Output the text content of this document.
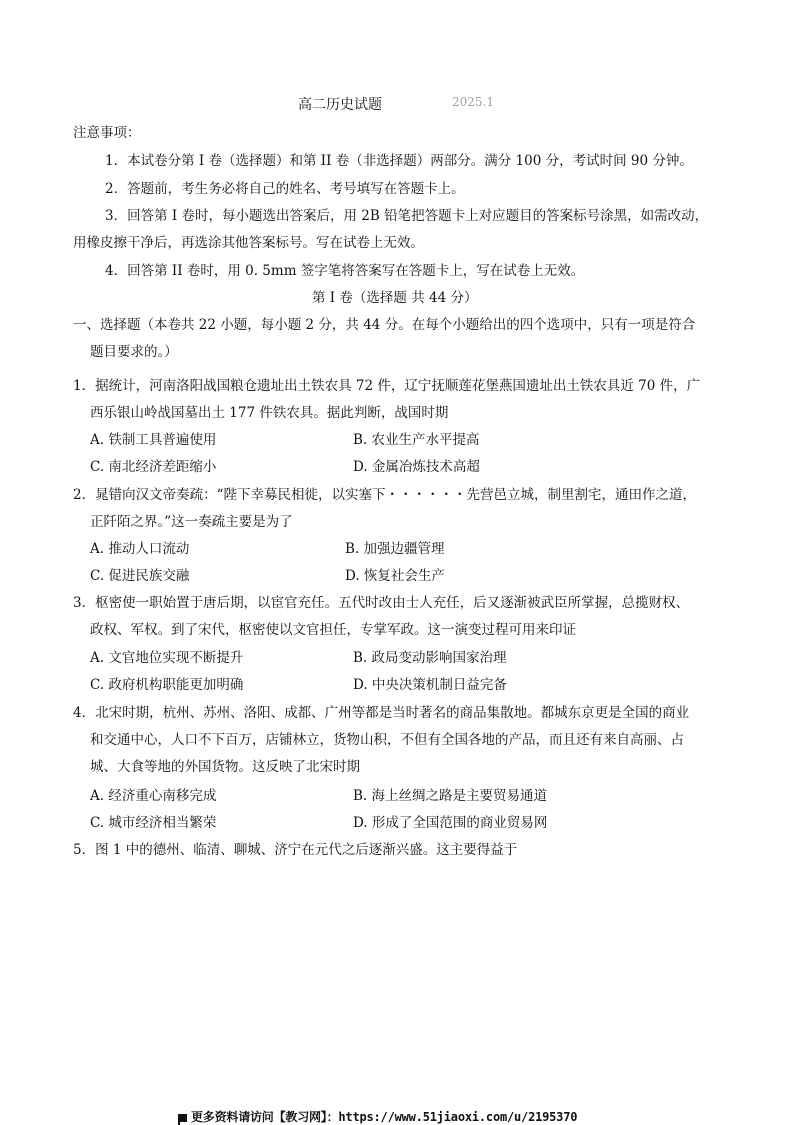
高二历史试题	2025.1
注意事项：
1．本试卷分第 I 卷（选择题）和第 II 卷（非选择题）两部分。满分 100 分，考试时间 90 分钟。
2．答题前，考生务必将自己的姓名、考号填写在答题卡上。
3．回答第 I 卷时，每小题选出答案后，用 2B 铅笔把答题卡上对应题目的答案标号涂黑，如需改动，
用橡皮擦干净后，再选涂其他答案标号。写在试卷上无效。
4．回答第 II 卷时，用 0. 5mm 签字笔将答案写在答题卡上，写在试卷上无效。
第 I 卷（选择题 共 44 分）
一、选择题（本卷共 22 小题，每小题 2 分，共 44 分。在每个小题给出的四个选项中，只有一项是符合
题目要求的。）
1．据统计，河南洛阳战国粮仓遗址出土铁农具 72 件，辽宁抚顺莲花堡燕国遗址出土铁农具近 70 件，广
西乐银山岭战国墓出土 177 件铁农具。据此判断，战国时期
A. 铁制工具普遍使用	B. 农业生产水平提高
C. 南北经济差距缩小	D. 金属冶炼技术高超
2．晁错向汉文帝奏疏：“陛下幸募民相徙，以实塞下・・・・・・先营邑立城，制里割宅，通田作之道，
正阡陌之界。”这一奏疏主要是为了
A. 推动人口流动	B. 加强边疆管理
C. 促进民族交融	D. 恢复社会生产
3．枢密使一职始置于唐后期，以宦官充任。五代时改由士人充任，后又逐渐被武臣所掌握，总揽财权、
政权、军权。到了宋代，枢密使以文官担任，专掌军政。这一演变过程可用来印证
A. 文官地位实现不断提升	B. 政局变动影响国家治理
C. 政府机构职能更加明确	D. 中央决策机制日益完备
4．北宋时期，杭州、苏州、洛阳、成都、广州等都是当时著名的商品集散地。都城东京更是全国的商业
和交通中心，人口不下百万，店铺林立，货物山积，不但有全国各地的产品，而且还有来自高丽、占
城、大食等地的外国货物。这反映了北宋时期
A. 经济重心南移完成	B. 海上丝绸之路是主要贸易通道
C. 城市经济相当繁荣	D. 形成了全国范围的商业贸易网
5．图 1 中的德州、临清、聊城、济宁在元代之后逐渐兴盛。这主要得益于
更多资料请访问【教习网】：https://www.51jiaoxi.com/u/2195370
